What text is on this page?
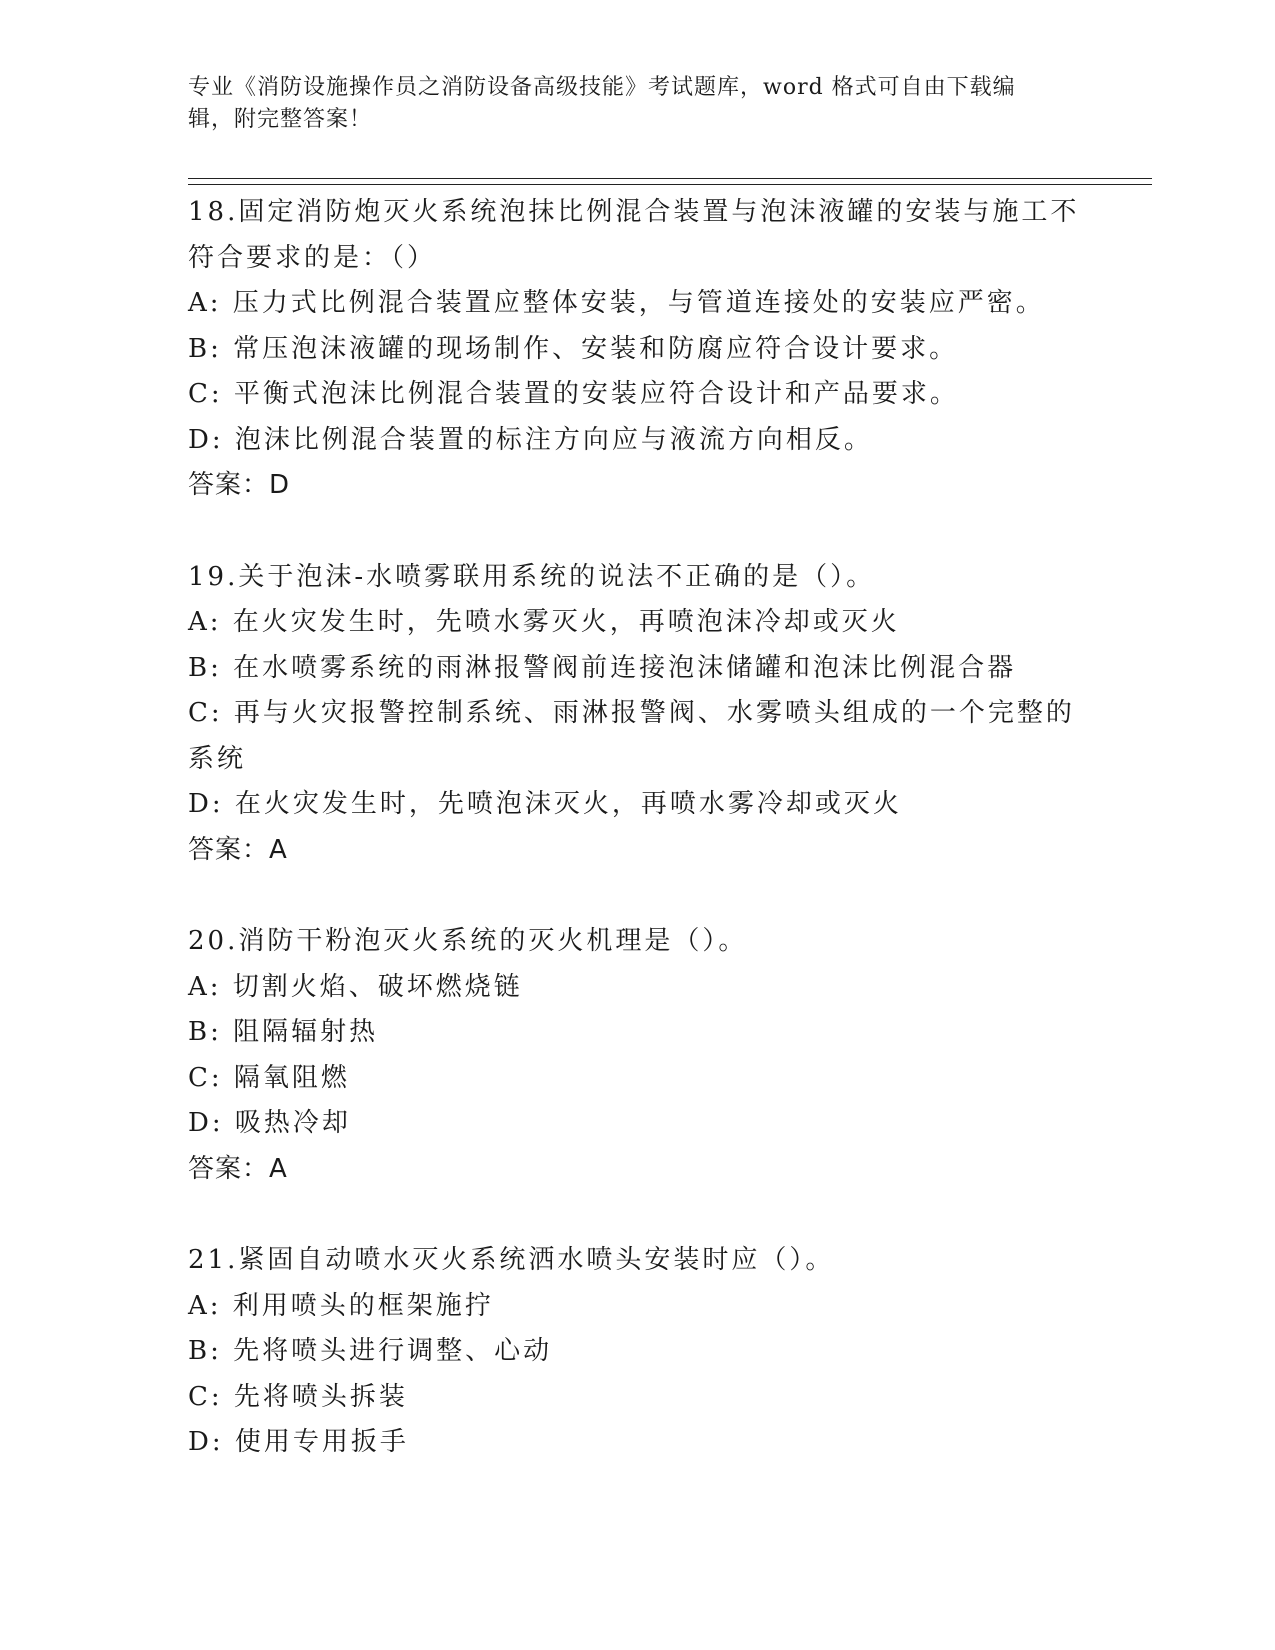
专业《消防设施操作员之消防设备高级技能》考试题库，word 格式可自由下载编
辑，附完整答案！
18.固定消防炮灭火系统泡抹比例混合装置与泡沫液罐的安装与施工不
符合要求的是：（）
A: 压力式比例混合装置应整体安装，与管道连接处的安装应严密。
B: 常压泡沫液罐的现场制作、安装和防腐应符合设计要求。
C: 平衡式泡沫比例混合装置的安装应符合设计和产品要求。
D: 泡沫比例混合装置的标注方向应与液流方向相反。
答案：D
19.关于泡沫-水喷雾联用系统的说法不正确的是（）。
A: 在火灾发生时，先喷水雾灭火，再喷泡沫冷却或灭火
B: 在水喷雾系统的雨淋报警阀前连接泡沫储罐和泡沫比例混合器
C: 再与火灾报警控制系统、雨淋报警阀、水雾喷头组成的一个完整的
系统
D: 在火灾发生时，先喷泡沫灭火，再喷水雾冷却或灭火
答案：A
20.消防干粉泡灭火系统的灭火机理是（）。
A: 切割火焰、破坏燃烧链
B: 阻隔辐射热
C: 隔氧阻燃
D: 吸热冷却
答案：A
21.紧固自动喷水灭火系统洒水喷头安装时应（）。
A: 利用喷头的框架施拧
B: 先将喷头进行调整、心动
C: 先将喷头拆装
D: 使用专用扳手
